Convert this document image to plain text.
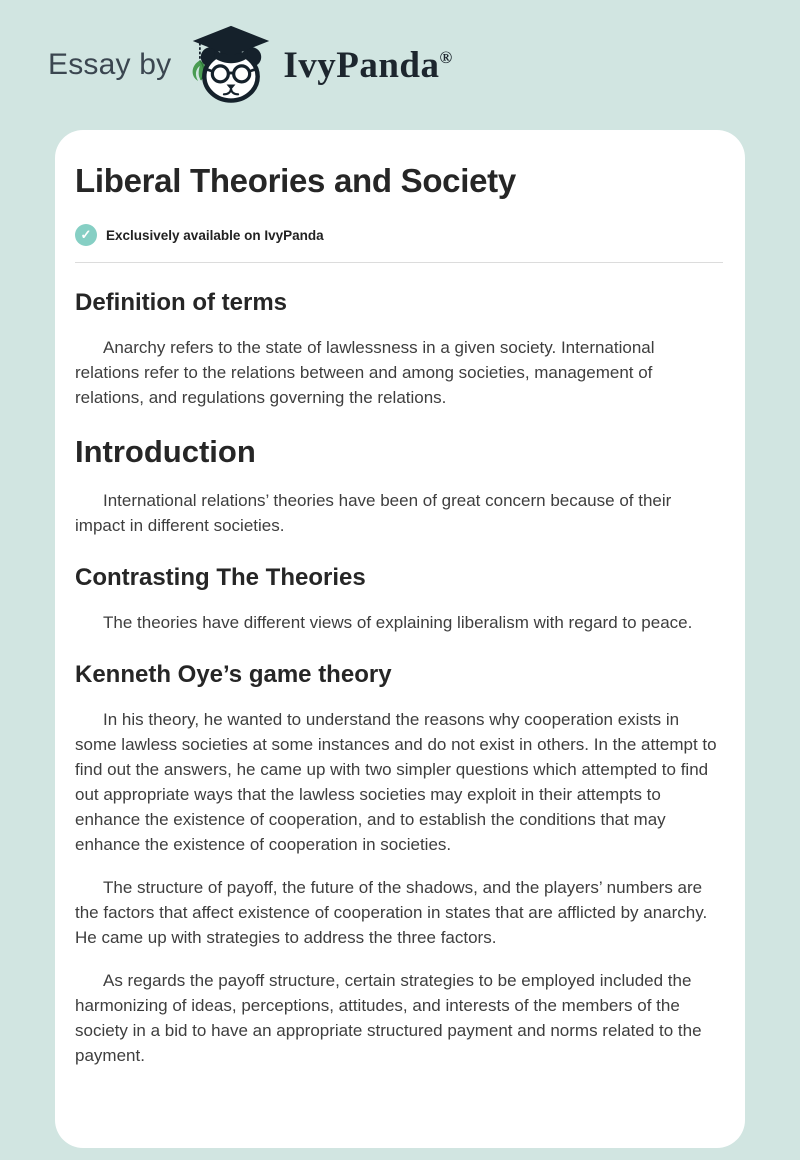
Essay by	IvyPanda®
Liberal Theories and Society
✓	Exclusively available on IvyPanda
Definition of terms

Anarchy refers to the state of lawlessness in a given society. International relations refer to the relations between and among societies, management of relations, and regulations governing the relations.

Introduction

International relations’ theories have been of great concern because of their impact in different societies.

Contrasting The Theories

The theories have different views of explaining liberalism with regard to peace.

Kenneth Oye’s game theory

In his theory, he wanted to understand the reasons why cooperation exists in some lawless societies at some instances and do not exist in others. In the attempt to find out the answers, he came up with two simpler questions which attempted to find out appropriate ways that the lawless societies may exploit in their attempts to enhance the existence of cooperation, and to establish the conditions that may enhance the existence of cooperation in societies.

The structure of payoff, the future of the shadows, and the players’ numbers are the factors that affect existence of cooperation in states that are afflicted by anarchy. He came up with strategies to address the three factors.

As regards the payoff structure, certain strategies to be employed included the harmonizing of ideas, perceptions, attitudes, and interests of the members of the society in a bid to have an appropriate structured payment and norms related to the payment.
